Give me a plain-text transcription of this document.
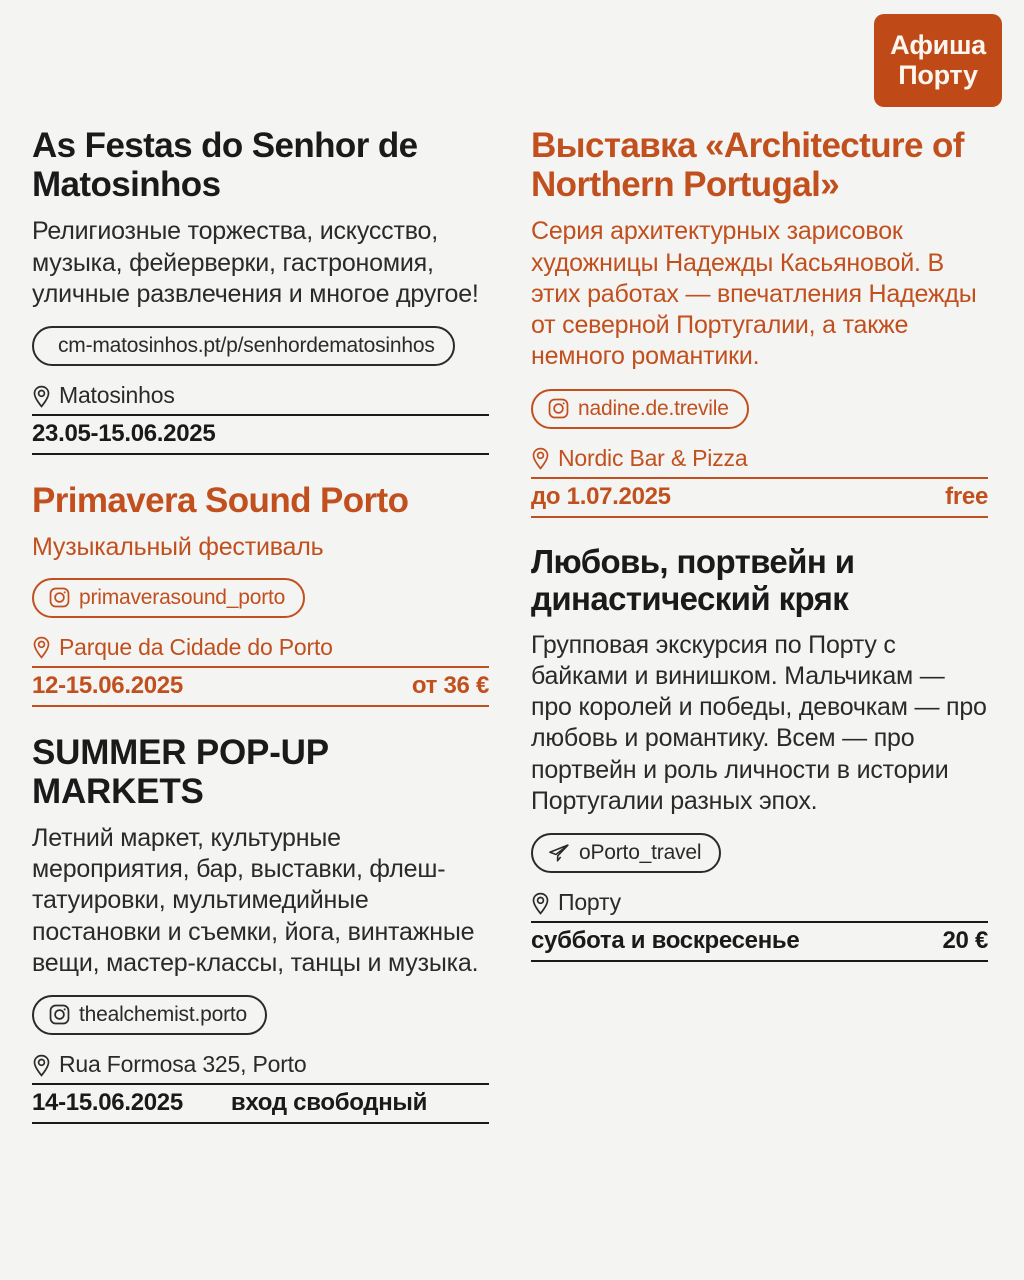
Афиша
Порту
As Festas do Senhor de Matosinhos
Религиозные торжества, искусство, музыка, фейерверки, гастрономия, уличные развлечения и многое другое!
cm-matosinhos.pt/p/senhordematosinhos
Matosinhos
23.05-15.06.2025
Primavera Sound Porto
Музыкальный фестиваль
primaverasound_porto
Parque da Cidade do Porto
12-15.06.2025	от 36 €
SUMMER POP-UP MARKETS
Летний маркет, культурные мероприятия, бар, выставки, флеш-татуировки, мультимедийные постановки и съемки, йога, винтажные вещи, мастер-классы, танцы и музыка.
thealchemist.porto
Rua Formosa 325, Porto
14-15.06.2025 вход свободный
Выставка «Architecture of Northern Portugal»
Серия архитектурных зарисовок художницы Надежды Касьяновой. В этих работах — впечатления Надежды от северной Португалии, а также немного романтики.
nadine.de.trevile
Nordic Bar & Pizza
до 1.07.2025	free
Любовь, портвейн и династический кряк
Групповая экскурсия по Порту с байками и винишком. Мальчикам — про королей и победы, девочкам — про любовь и романтику. Всем — про портвейн и роль личности в истории Португалии разных эпох.
oPorto_travel
Порту
суббота и воскресенье	20 €
